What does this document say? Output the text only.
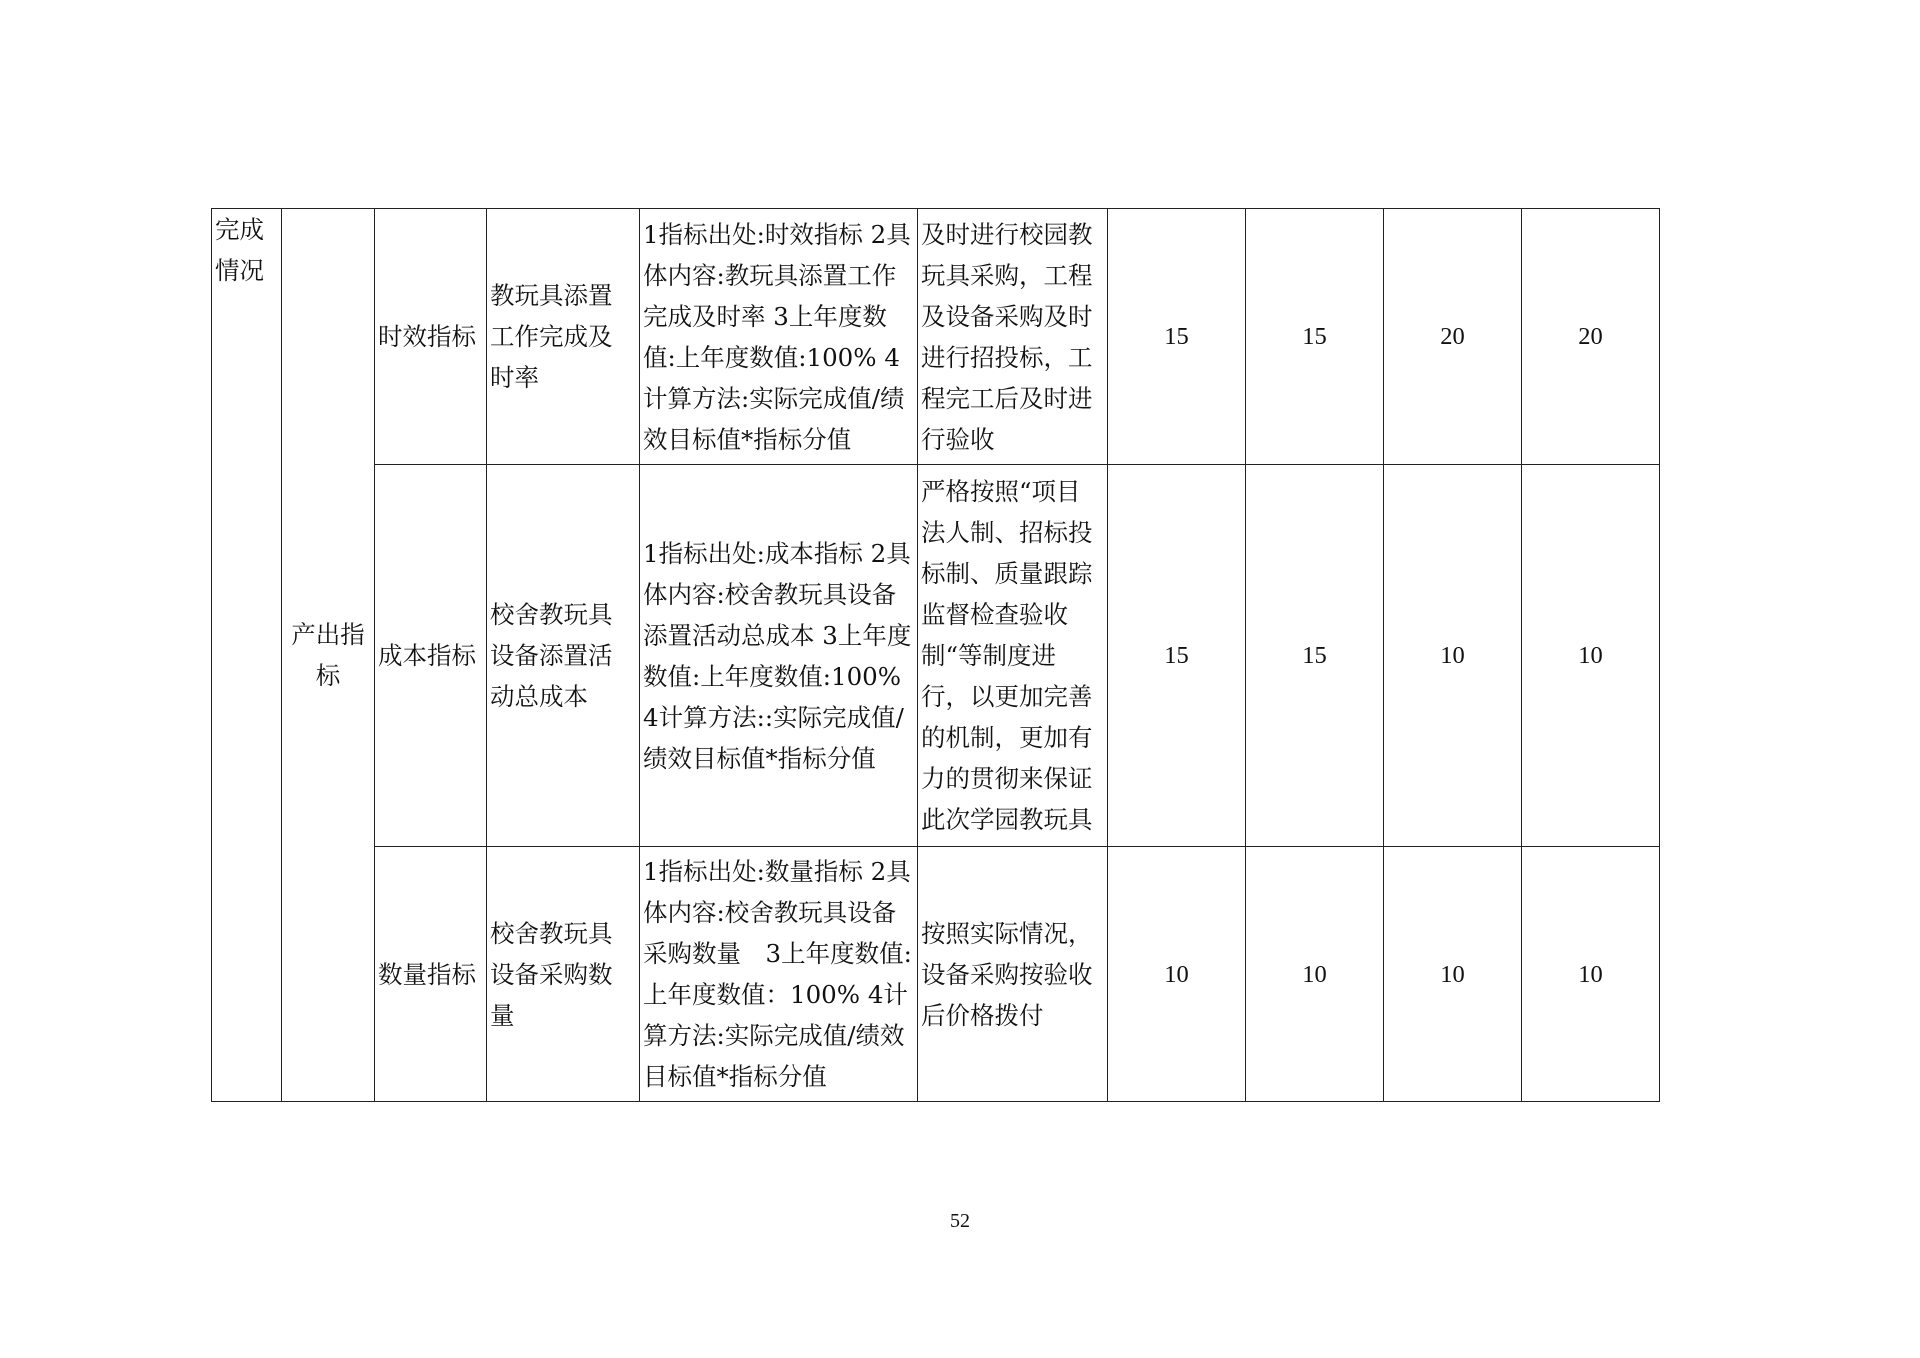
完成情况	产出指标	时效指标	教玩具添置工作完成及时率	1指标出处:时效指标 2具体内容:教玩具添置工作完成及时率 3上年度数值:上年度数值:100% 4计算方法:实际完成值/绩效目标值*指标分值	及时进行校园教玩具采购，工程及设备采购及时进行招投标，工程完工后及时进行验收	15	15	20	20
		成本指标	校舍教玩具设备添置活动总成本	1指标出处:成本指标 2具体内容:校舍教玩具设备添置活动总成本 3上年度数值:上年度数值:100% 4计算方法::实际完成值/绩效目标值*指标分值	严格按照“项目法人制、招标投标制、质量跟踪监督检查验收制“等制度进行，以更加完善的机制，更加有力的贯彻来保证此次学园教玩具	15	15	10	10
		数量指标	校舍教玩具设备采购数量	1指标出处:数量指标 2具体内容:校舍教玩具设备采购数量　3上年度数值:上年度数值：100% 4计算方法:实际完成值/绩效目标值*指标分值	按照实际情况，设备采购按验收后价格拨付	10	10	10	10
52
